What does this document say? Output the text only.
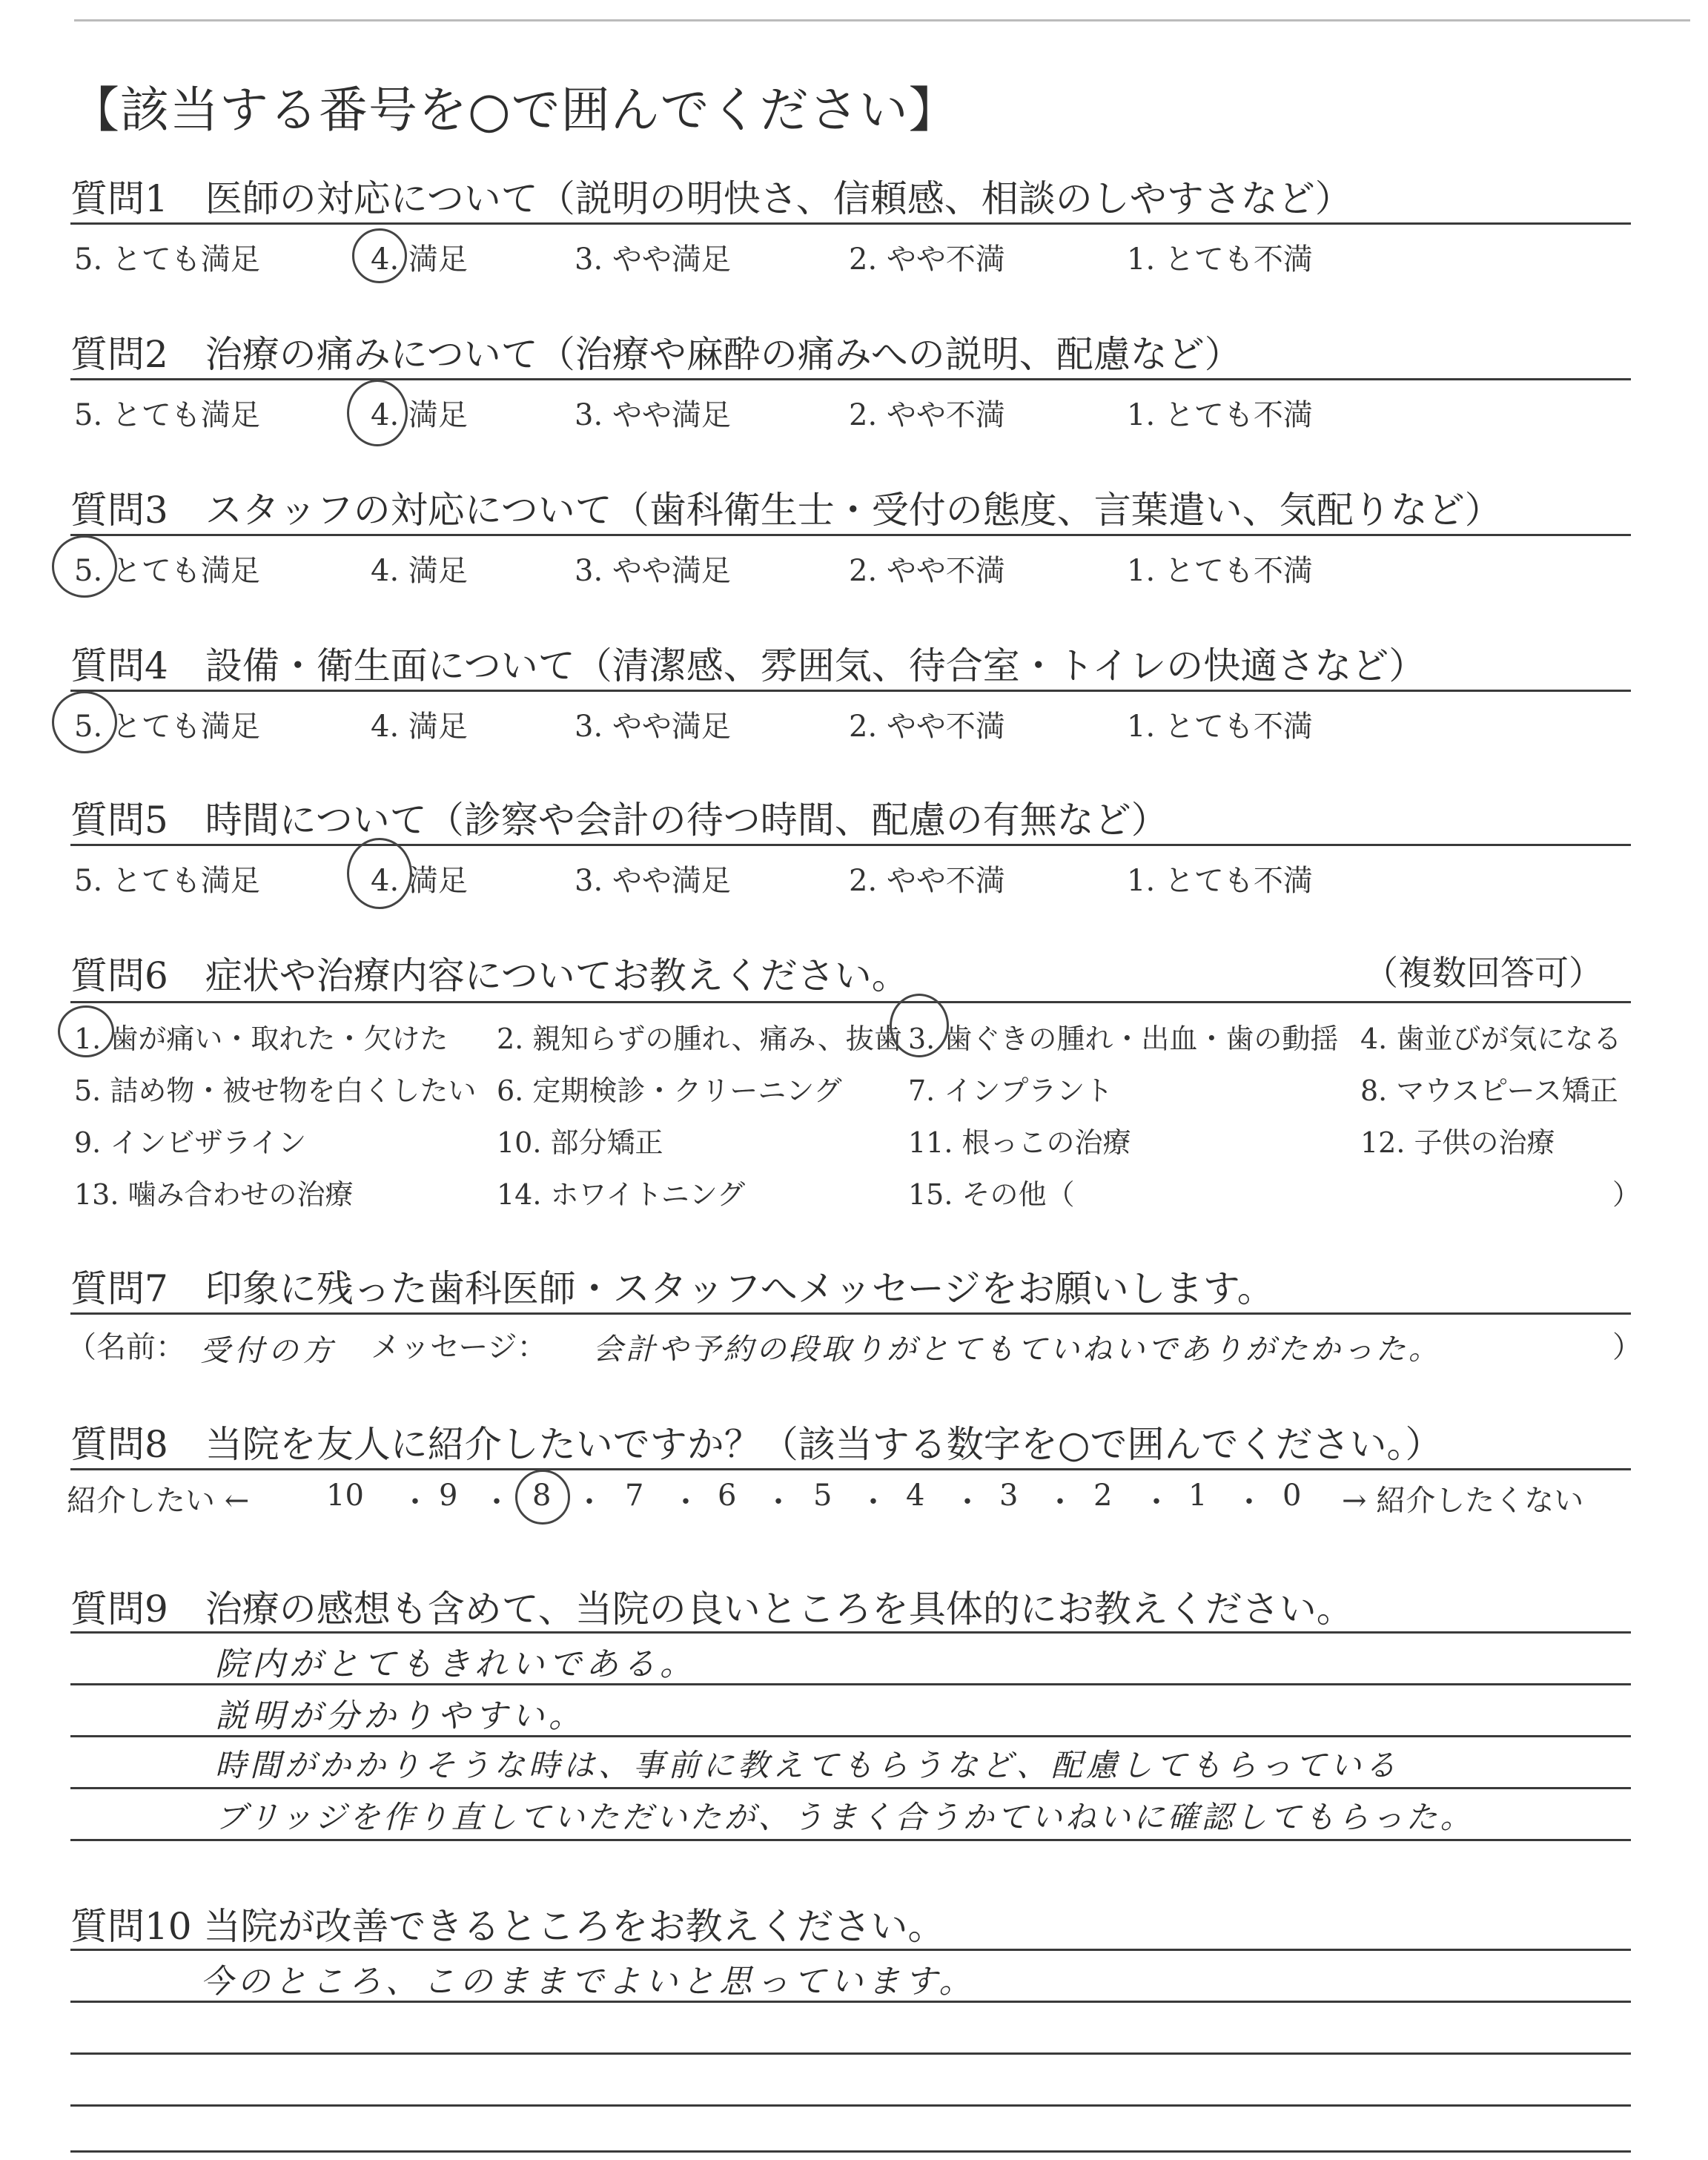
【該当する番号を○で囲んでください】
質問1　医師の対応について（説明の明快さ、信頼感、相談のしやすさなど）
5. とても満足	4. 満足	3. やや満足	2. やや不満	1. とても不満
質問2　治療の痛みについて（治療や麻酔の痛みへの説明、配慮など）
5. とても満足	4. 満足	3. やや満足	2. やや不満	1. とても不満
質問3　スタッフの対応について（歯科衛生士・受付の態度、言葉遣い、気配りなど）
5. とても満足	4. 満足	3. やや満足	2. やや不満	1. とても不満
質問4　設備・衛生面について（清潔感、雰囲気、待合室・トイレの快適さなど）
5. とても満足	4. 満足	3. やや満足	2. やや不満	1. とても不満
質問5　時間について（診察や会計の待つ時間、配慮の有無など）
5. とても満足	4. 満足	3. やや満足	2. やや不満	1. とても不満
質問6　症状や治療内容についてお教えください。	（複数回答可）
1. 歯が痛い・取れた・欠けた 2. 親知らずの腫れ、痛み、抜歯 3. 歯ぐきの腫れ・出血・歯の動揺 4. 歯並びが気になる
5. 詰め物・被せ物を白くしたい 6. 定期検診・クリーニング 7. インプラント	8. マウスピース矯正
9. インビザライン	10. 部分矯正	11. 根っこの治療	12. 子供の治療
13. 噛み合わせの治療	14. ホワイトニング	15. その他（	）
質問7　印象に残った歯科医師・スタッフへメッセージをお願いします。
（名前： 受付の方 メッセージ： 会計や予約の段取りがとてもていねいでありがたかった。	）
質問8　当院を友人に紹介したいですか？（該当する数字を○で囲んでください。）
紹介したい ←	→ 紹介したくない
10 ・ 9 ・ 8 ・ 7 ・ 6 ・ 5 ・ 4 ・ 3 ・ 2 ・ 1 ・ 0
質問9　治療の感想も含めて、当院の良いところを具体的にお教えください。
院内がとてもきれいである。
説明が分かりやすい。
時間がかかりそうな時は、事前に教えてもらうなど、配慮してもらっている
ブリッジを作り直していただいたが、うまく合うかていねいに確認してもらった。
質問10 当院が改善できるところをお教えください。
今のところ、このままでよいと思っています。
